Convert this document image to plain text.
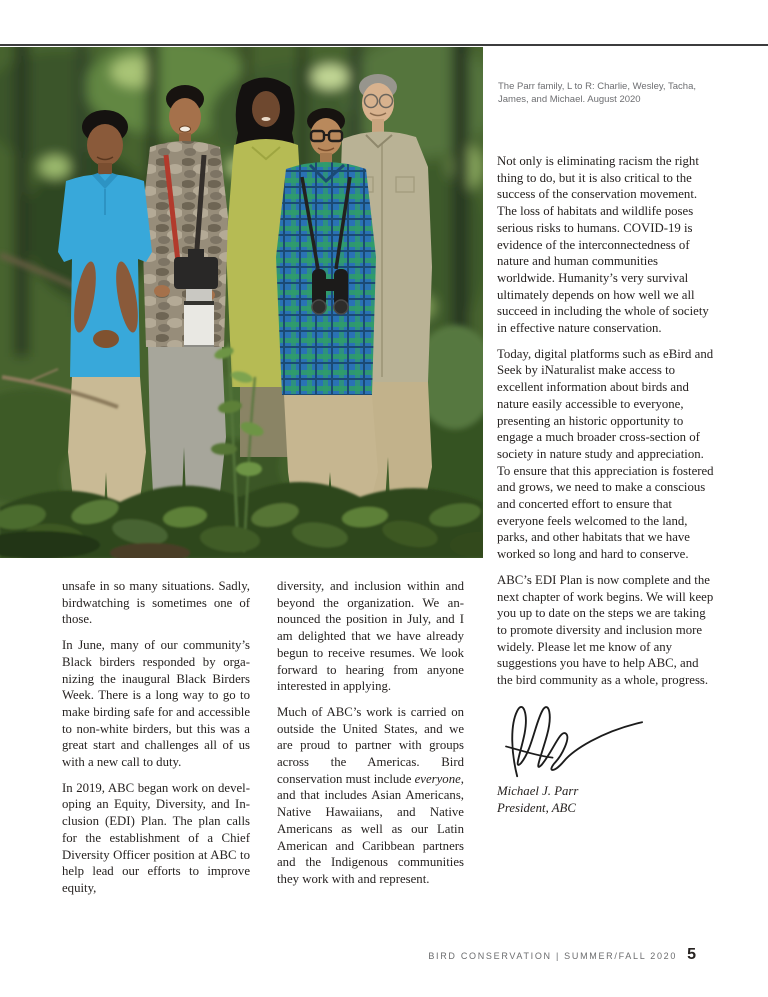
The Parr family, L to R: Charlie, Wesley, Tacha, James, and Michael. August 2020

Not only is eliminating racism the right thing to do, but it is also critical to the success of the conservation movement. The loss of habitats and wildlife poses serious risks to humans. COVID-19 is evidence of the interconnectedness of nature and human communities worldwide. Humanity’s very survival ultimately depends on how well we all succeed in including the whole of society in effective nature conservation.

Today, digital platforms such as eBird and Seek by iNaturalist make access to excellent information about birds and nature easily accessible to everyone, presenting an historic opportunity to engage a much broader cross-section of society in nature study and appreciation. To ensure that this appreciation is fostered and grows, we need to make a conscious and concerted effort to ensure that everyone feels welcomed to the land, parks, and other habitats that we have worked so long and hard to conserve.

ABC’s EDI Plan is now complete and the next chapter of work begins. We will keep you up to date on the steps we are taking to promote diversity and inclusion more widely. Please let me know of any suggestions you have to help ABC, and the bird community as a whole, progress.

Michael J. Parr
President, ABC

unsafe in so many situations. Sadly, birdwatching is sometimes one of those.

In June, many of our community’s Black birders responded by organizing the inaugural Black Birders Week. There is a long way to go to make birding safe for and accessible to non-white birders, but this was a great start and challenges all of us with a new call to duty.

In 2019, ABC began work on developing an Equity, Diversity, and Inclusion (EDI) Plan. The plan calls for the establishment of a Chief Diversity Officer position at ABC to help lead our efforts to improve equity,

diversity, and inclusion within and beyond the organization. We announced the position in July, and I am delighted that we have already begun to receive resumes. We look forward to hearing from anyone interested in applying.

Much of ABC’s work is carried on outside the United States, and we are proud to partner with groups across the Americas. Bird conservation must include everyone, and that includes Asian Americans, Native Hawaiians, and Native Americans as well as our Latin American and Caribbean partners and the Indigenous communities they work with and represent.

BIRD CONSERVATION | SUMMER/FALL 2020 5
